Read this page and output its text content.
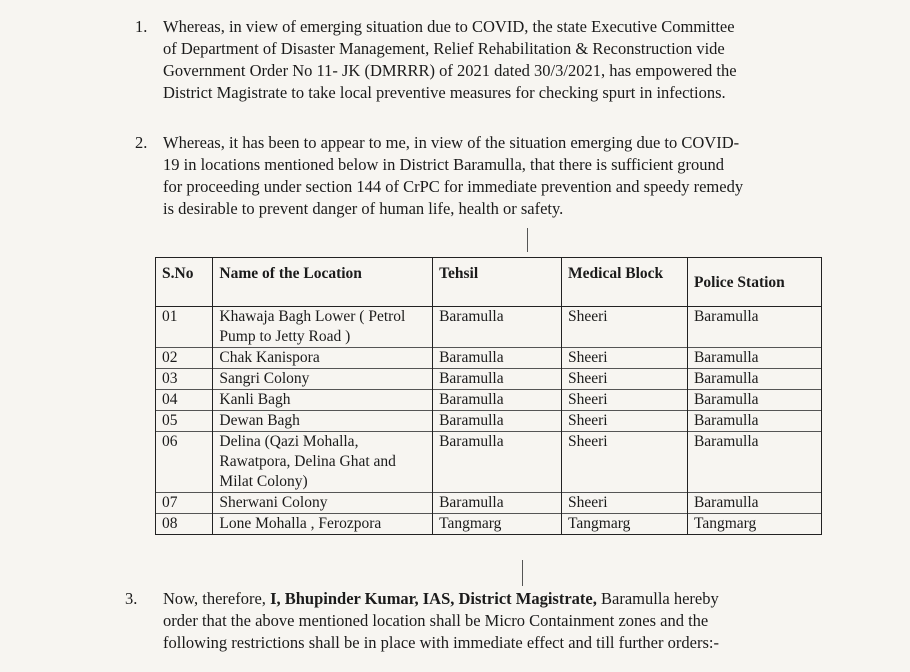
1. Whereas, in view of emerging situation due to COVID, the state Executive Committee
of Department of Disaster Management, Relief Rehabilitation & Reconstruction vide
Government Order No 11- JK (DMRRR) of 2021 dated 30/3/2021, has empowered the
District Magistrate to take local preventive measures for checking spurt in infections.
2. Whereas, it has been to appear to me, in view of the situation emerging due to COVID-
19 in locations mentioned below in District Baramulla, that there is sufficient ground
for proceeding under section 144 of CrPC for immediate prevention and speedy remedy
is desirable to prevent danger of human life, health or safety.
S.No	Name of the Location	Tehsil	Medical Block	Police Station
01	Khawaja Bagh Lower ( Petrol Pump to Jetty Road )	Baramulla	Sheeri	Baramulla
02	Chak Kanispora	Baramulla	Sheeri	Baramulla
03	Sangri Colony	Baramulla	Sheeri	Baramulla
04	Kanli Bagh	Baramulla	Sheeri	Baramulla
05	Dewan Bagh	Baramulla	Sheeri	Baramulla
06	Delina (Qazi Mohalla, Rawatpora, Delina Ghat and Milat Colony)	Baramulla	Sheeri	Baramulla
07	Sherwani Colony	Baramulla	Sheeri	Baramulla
08	Lone Mohalla , Ferozpora	Tangmarg	Tangmarg	Tangmarg
3. Now, therefore, I, Bhupinder Kumar, IAS, District Magistrate, Baramulla hereby
order that the above mentioned location shall be Micro Containment zones and the
following restrictions shall be in place with immediate effect and till further orders:-
